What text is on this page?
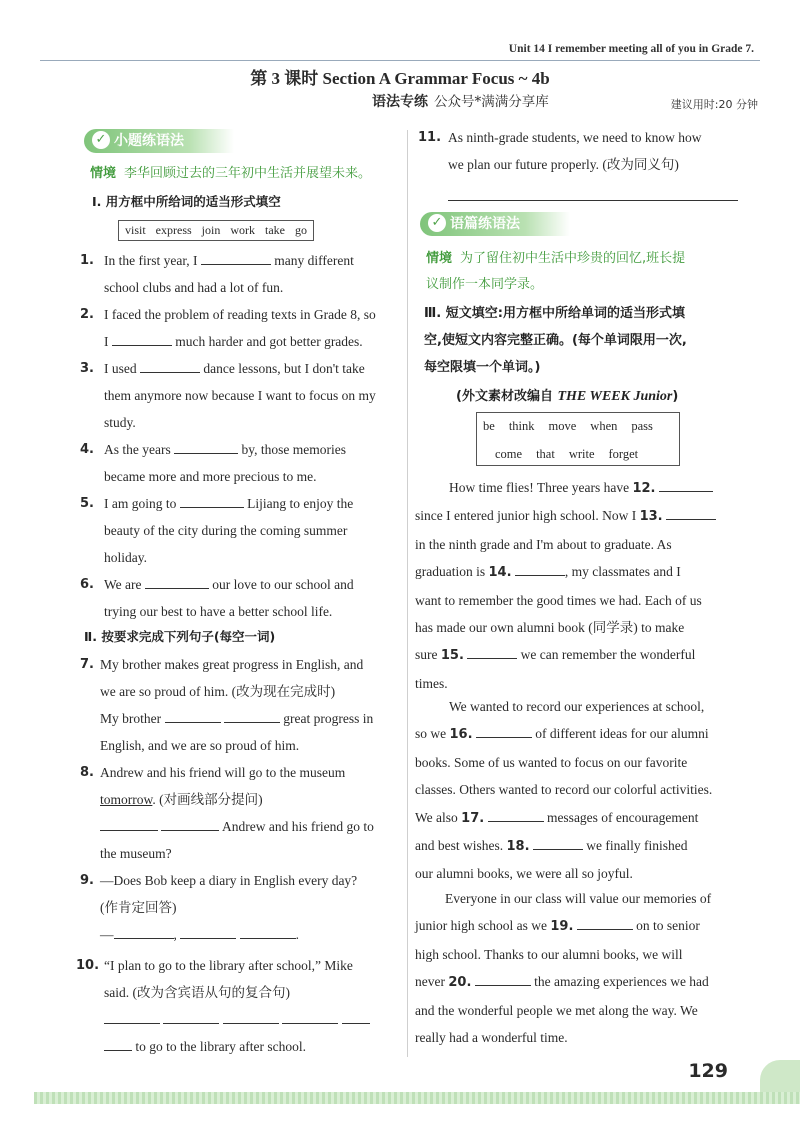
Unit 14 I remember meeting all of you in Grade 7.
第 3 课时 Section A Grammar Focus ~ 4b
语法专练 公众号*满满分享库	建议用时:20 分钟
✓ 小题练语法
情境 李华回顾过去的三年初中生活并展望未来。
Ⅰ. 用方框中所给词的适当形式填空
visit express join work take go
1. In the first year, I	many different
school clubs and had a lot of fun.
2. I faced the problem of reading texts in Grade 8, so
I	much harder and got better grades.
3. I used	dance lessons, but I don't take
them anymore now because I want to focus on my
study.
4. As the years	by, those memories
became more and more precious to me.
5. I am going to	Lijiang to enjoy the
beauty of the city during the coming summer
holiday.
6. We are	our love to our school and
trying our best to have a better school life.
Ⅱ. 按要求完成下列句子(每空一词)
7. My brother makes great progress in English, and
we are so proud of him. (改为现在完成时)
My brother	great progress in
English, and we are so proud of him.
8. Andrew and his friend will go to the museum
tomorrow. (对画线部分提问)
Andrew and his friend go to
the museum?
9. —Does Bob keep a diary in English every day?
(作肯定回答)
—	,	.
10. “I plan to go to the library after school,” Mike
said. (改为含宾语从句的复合句)

to go to the library after school.
11. As ninth-grade students, we need to know how
we plan our future properly. (改为同义句)

✓ 语篇练语法
情境 为了留住初中生活中珍贵的回忆,班长提
议制作一本同学录。
Ⅲ. 短文填空:用方框中所给单词的适当形式填
空,使短文内容完整正确。(每个单词限用一次,
每空限填一个单词。)
(外文素材改编自 THE WEEK Junior)
be think move when pass
come that write forget
How time flies! Three years have 12.
since I entered junior high school. Now I 13.
in the ninth grade and I'm about to graduate. As
graduation is 14.	, my classmates and I
want to remember the good times we had. Each of us
has made our own alumni book (同学录) to make
sure 15.	we can remember the wonderful
times.
We wanted to record our experiences at school,
so we 16.	of different ideas for our alumni
books. Some of us wanted to focus on our favorite
classes. Others wanted to record our colorful activities.
We also 17.	messages of encouragement
and best wishes. 18.	we finally finished
our alumni books, we were all so joyful.
Everyone in our class will value our memories of
junior high school as we 19.	on to senior
high school. Thanks to our alumni books, we will
never 20.	the amazing experiences we had
and the wonderful people we met along the way. We
really had a wonderful time.
129
